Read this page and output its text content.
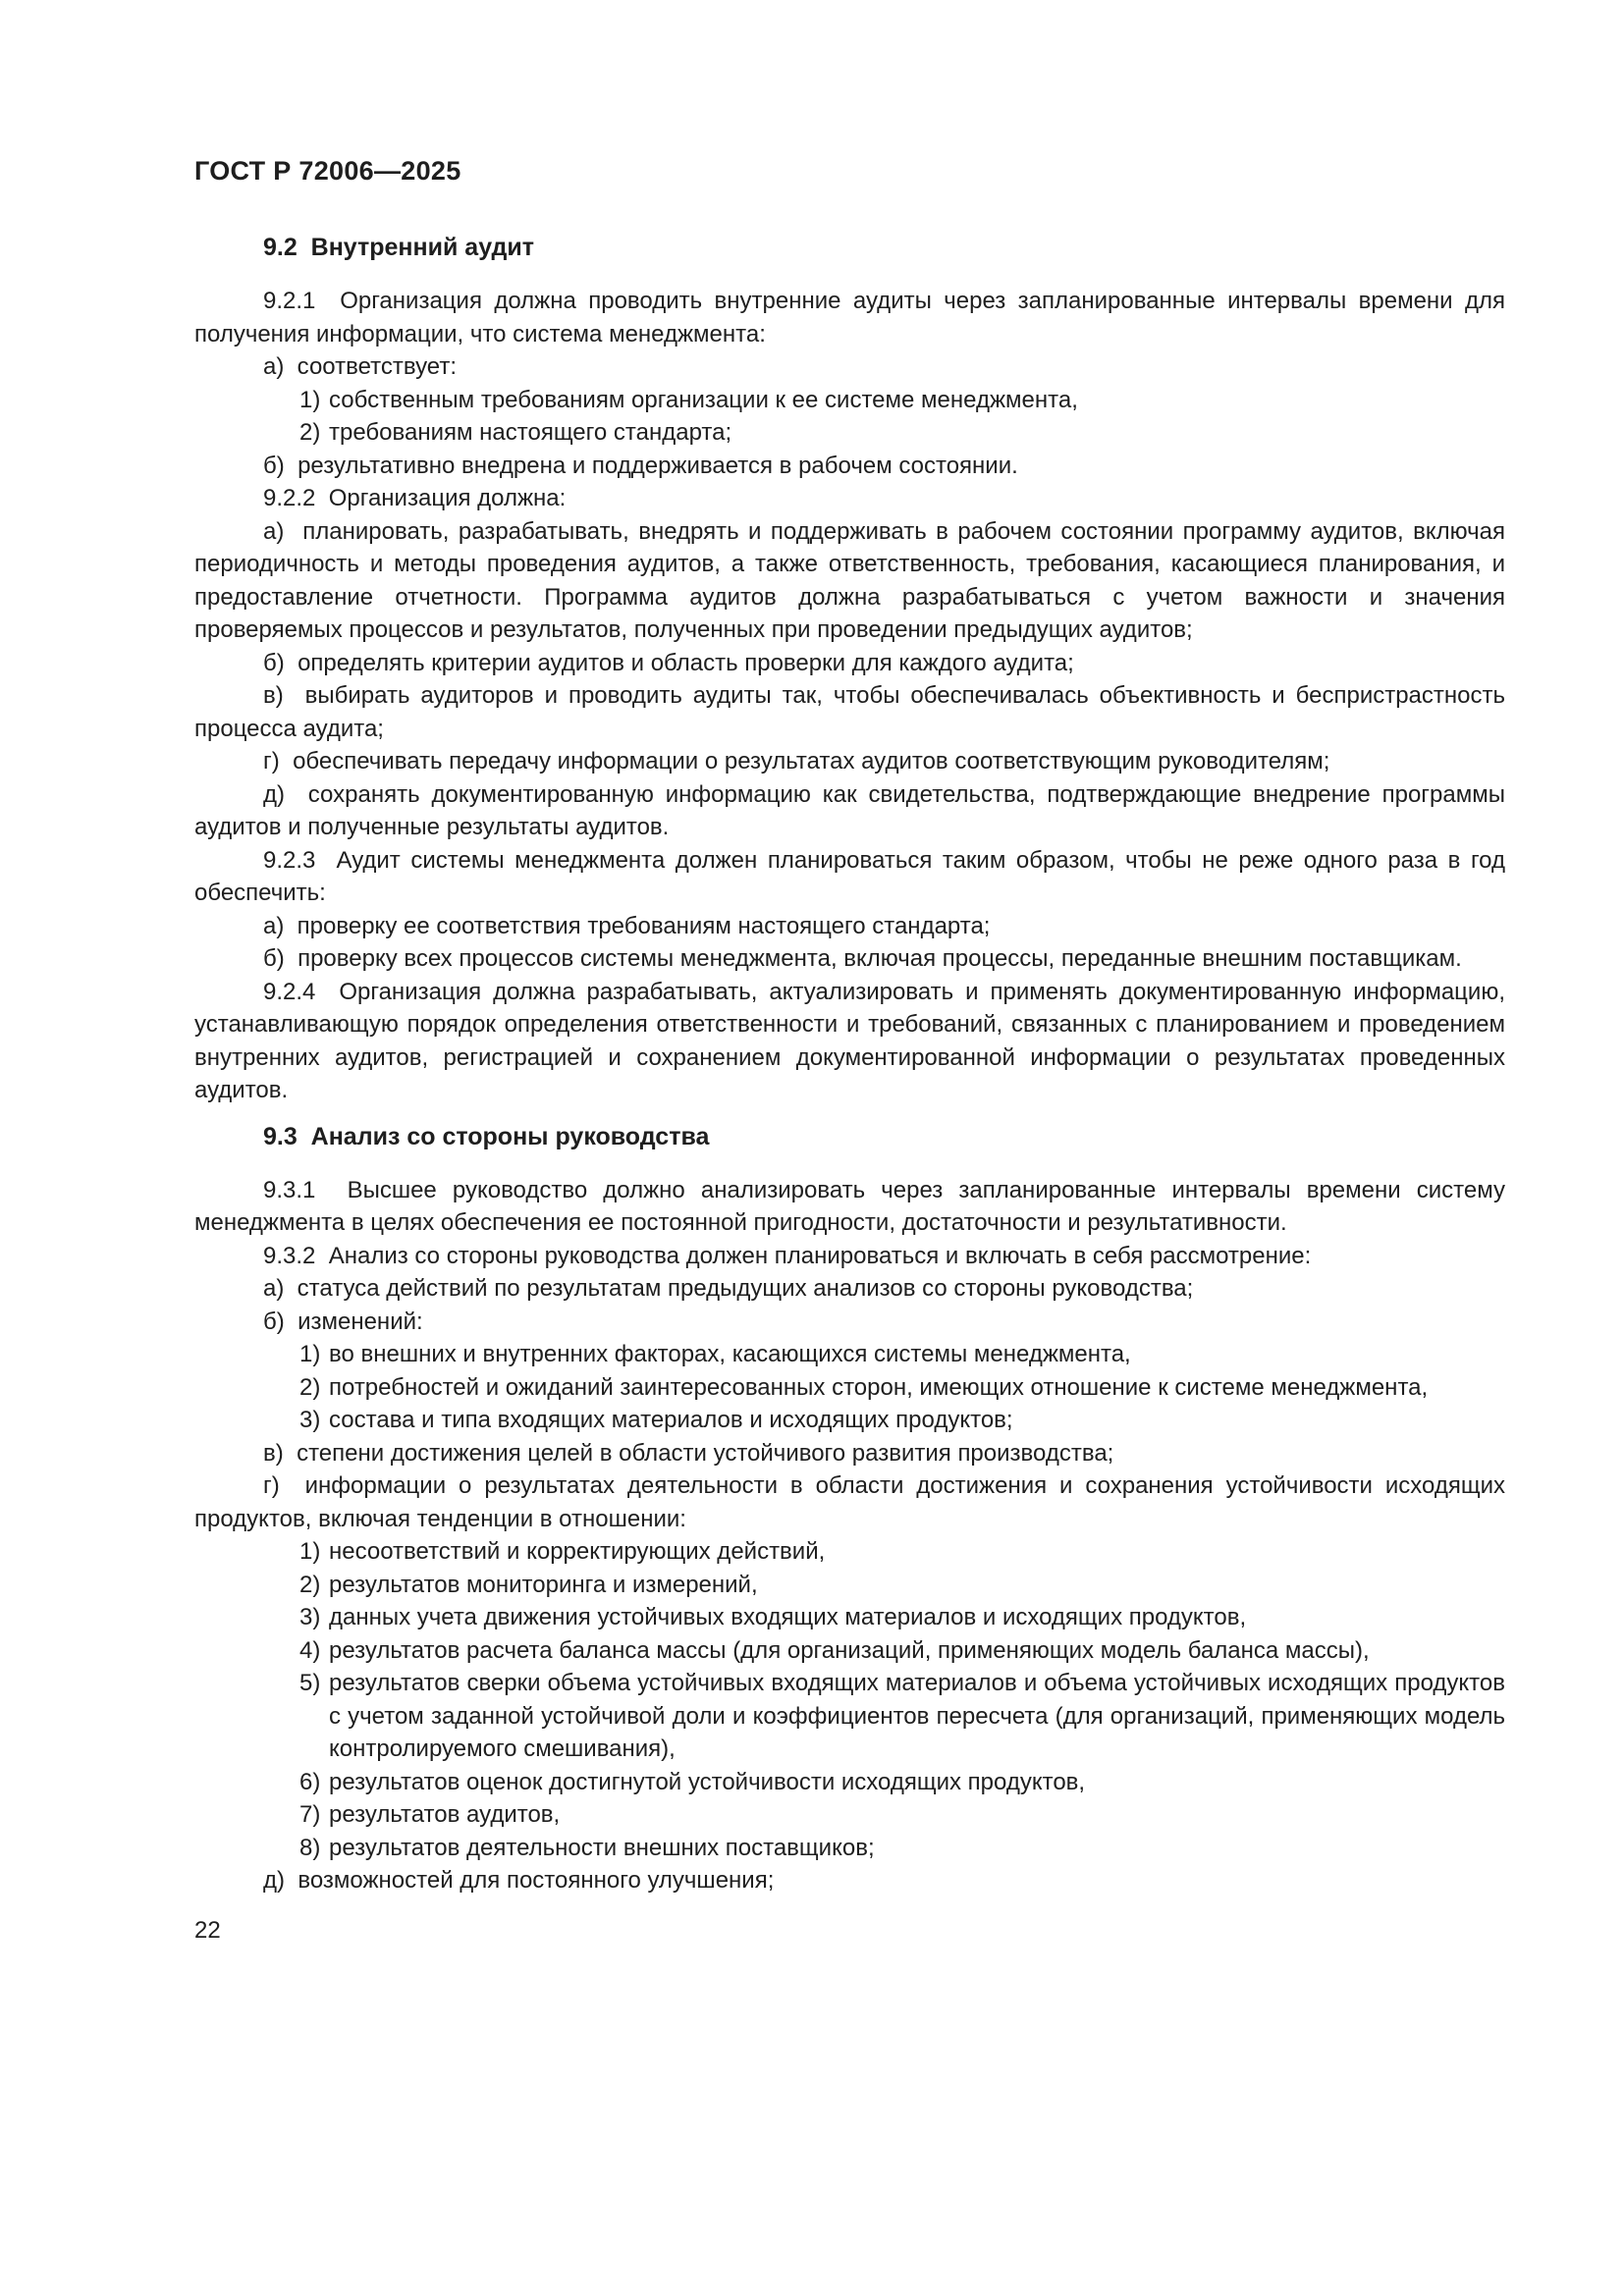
ГОСТ Р 72006—2025
9.2  Внутренний аудит

9.2.1  Организация должна проводить внутренние аудиты через запланированные интервалы времени для получения информации, что система менеджмента:

а)  соответствует:

1) собственным требованиям организации к ее системе менеджмента,
2) требованиям настоящего стандарта;

б)  результативно внедрена и поддерживается в рабочем состоянии.

9.2.2  Организация должна:

а)  планировать, разрабатывать, внедрять и поддерживать в рабочем состоянии программу аудитов, включая периодичность и методы проведения аудитов, а также ответственность, требования, касающиеся планирования, и предоставление отчетности. Программа аудитов должна разрабатываться с учетом важности и значения проверяемых процессов и результатов, полученных при проведении предыдущих аудитов;

б)  определять критерии аудитов и область проверки для каждого аудита;

в)  выбирать аудиторов и проводить аудиты так, чтобы обеспечивалась объективность и беспристрастность процесса аудита;

г)  обеспечивать передачу информации о результатах аудитов соответствующим руководителям;

д)  сохранять документированную информацию как свидетельства, подтверждающие внедрение программы аудитов и полученные результаты аудитов.

9.2.3  Аудит системы менеджмента должен планироваться таким образом, чтобы не реже одного раза в год обеспечить:

а)  проверку ее соответствия требованиям настоящего стандарта;

б)  проверку всех процессов системы менеджмента, включая процессы, переданные внешним поставщикам.

9.2.4  Организация должна разрабатывать, актуализировать и применять документированную информацию, устанавливающую порядок определения ответственности и требований, связанных с планированием и проведением внутренних аудитов, регистрацией и сохранением документированной информации о результатах проведенных аудитов.

9.3  Анализ со стороны руководства

9.3.1  Высшее руководство должно анализировать через запланированные интервалы времени систему менеджмента в целях обеспечения ее постоянной пригодности, достаточности и результативности.

9.3.2  Анализ со стороны руководства должен планироваться и включать в себя рассмотрение:

а)  статуса действий по результатам предыдущих анализов со стороны руководства;

б)  изменений:

1) во внешних и внутренних факторах, касающихся системы менеджмента,
2) потребностей и ожиданий заинтересованных сторон, имеющих отношение к системе менеджмента,
3) состава и типа входящих материалов и исходящих продуктов;

в)  степени достижения целей в области устойчивого развития производства;

г)  информации о результатах деятельности в области достижения и сохранения устойчивости исходящих продуктов, включая тенденции в отношении:

1) несоответствий и корректирующих действий,
2) результатов мониторинга и измерений,
3) данных учета движения устойчивых входящих материалов и исходящих продуктов,
4) результатов расчета баланса массы (для организаций, применяющих модель баланса массы),
5) результатов сверки объема устойчивых входящих материалов и объема устойчивых исходящих продуктов с учетом заданной устойчивой доли и коэффициентов пересчета (для организаций, применяющих модель контролируемого смешивания),
6) результатов оценок достигнутой устойчивости исходящих продуктов,
7) результатов аудитов,
8) результатов деятельности внешних поставщиков;

д)  возможностей для постоянного улучшения;

22
